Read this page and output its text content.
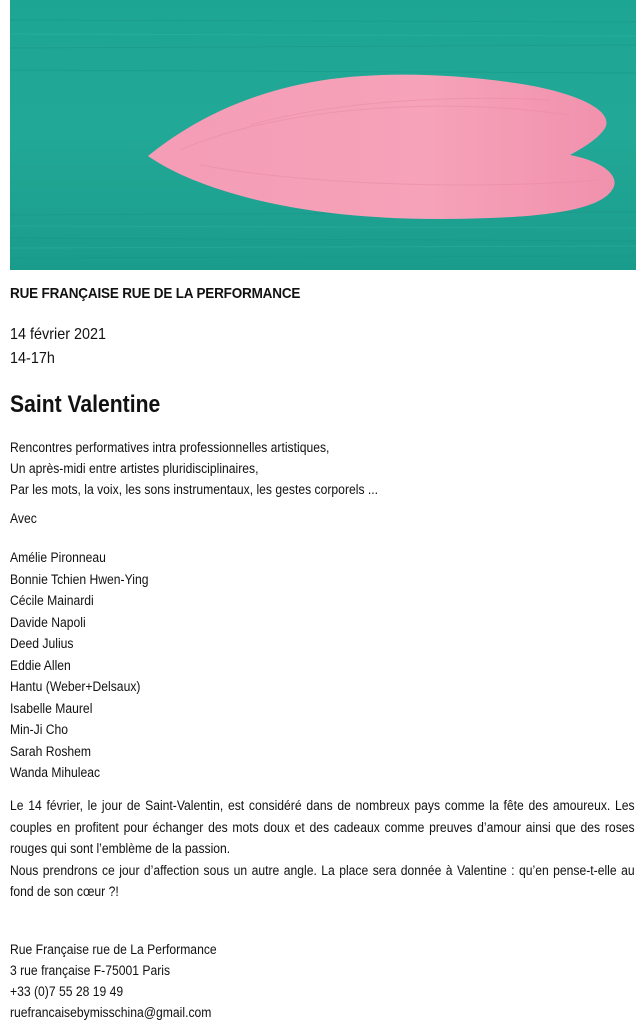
RUE FRANÇAISE RUE DE LA PERFORMANCE
14 février 2021
14-17h
Saint Valentine
Rencontres performatives intra professionnelles artistiques,
Un après-midi entre artistes pluridisciplinaires,
Par les mots, la voix, les sons instrumentaux, les gestes corporels ...
Avec
Amélie Pironneau
Bonnie Tchien Hwen-Ying
Cécile Mainardi
Davide Napoli
Deed Julius
Eddie Allen
Hantu (Weber+Delsaux)
Isabelle Maurel
Min-Ji Cho
Sarah Roshem
Wanda Mihuleac

Le 14 février, le jour de Saint-Valentin, est considéré dans de nombreux pays comme la fête des amoureux. Les couples en profitent pour échanger des mots doux et des cadeaux comme preuves d’amour ainsi que des roses rouges qui sont l’emblème de la passion.

Nous prendrons ce jour d’affection sous un autre angle. La place sera donnée à Valentine : qu’en pense-t-elle au fond de son cœur ?!

Rue Française rue de La Performance
3 rue française F-75001 Paris
+33 (0)7 55 28 19 49
ruefrancaisebymisschina@gmail.com
